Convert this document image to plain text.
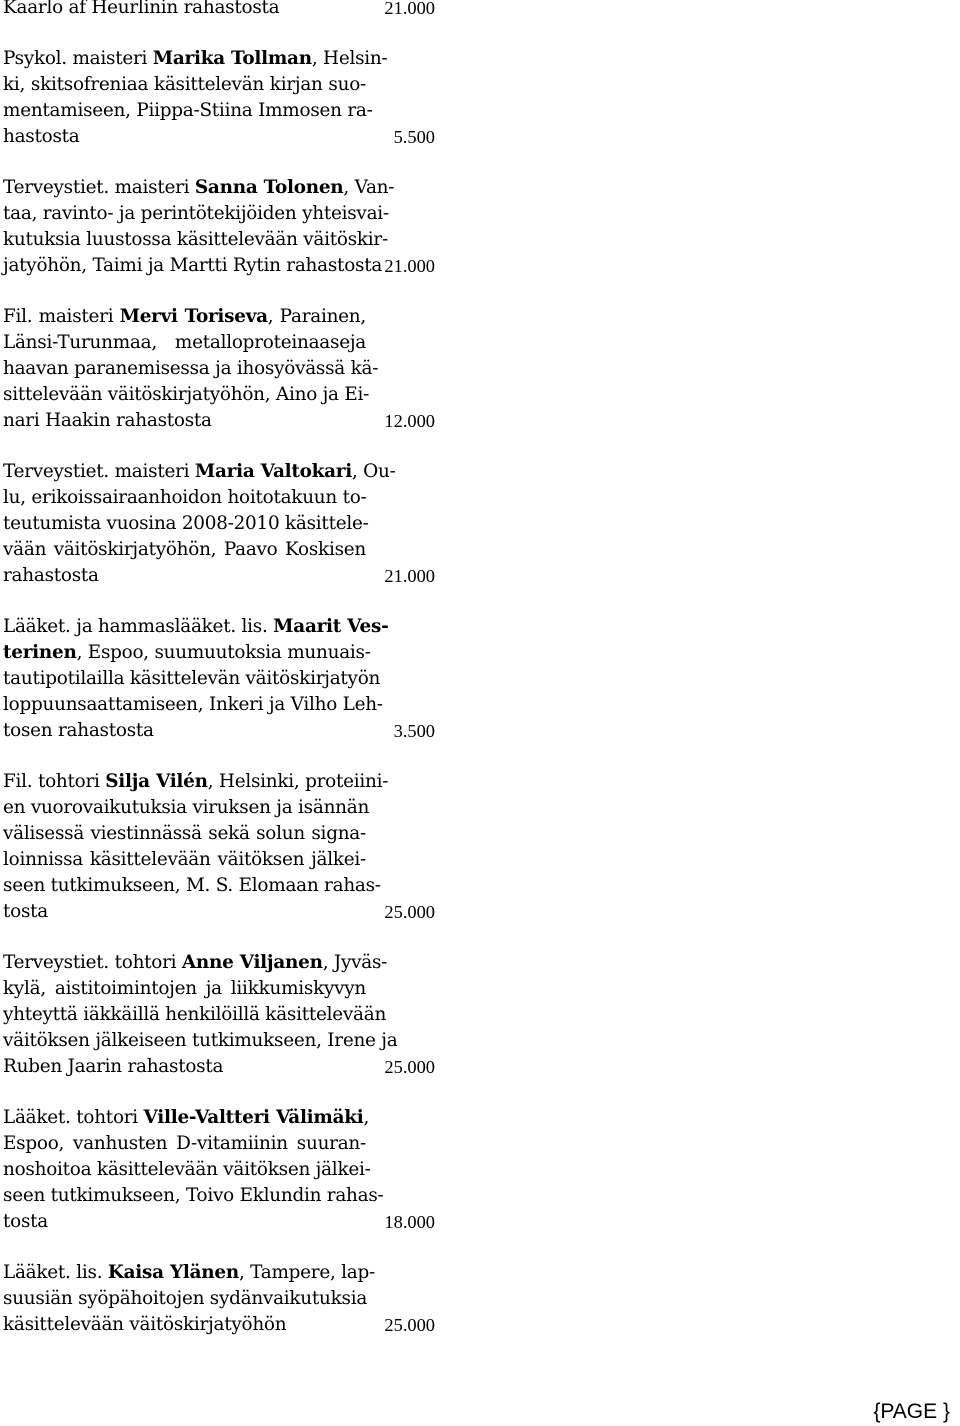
Kaarlo af Heurlinin rahastosta	21.000

Psykol. maisteri Marika Tollman, Helsin-

ki, skitsofreniaa käsittelevän kirjan suo-

mentamiseen, Piippa-Stiina Immosen ra-

hastosta	5.500

Terveystiet. maisteri Sanna Tolonen, Van-

taa, ravinto- ja perintötekijöiden yhteisvai-

kutuksia luustossa käsittelevään väitöskir-

jatyöhön, Taimi ja Martti Rytin rahastosta 21.000

Fil. maisteri Mervi Toriseva, Parainen,

Länsi-Turunmaa, metalloproteinaaseja

haavan paranemisessa ja ihosyövässä kä-

sittelevään väitöskirjatyöhön, Aino ja Ei-

nari Haakin rahastosta	12.000

Terveystiet. maisteri Maria Valtokari, Ou-

lu, erikoissairaanhoidon hoitotakuun to-

teutumista vuosina 2008-2010 käsittele-

vään väitöskirjatyöhön, Paavo Koskisen

rahastosta	21.000

Lääket. ja hammaslääket. lis. Maarit Ves-

terinen, Espoo, suumuutoksia munuais-

tautipotilailla käsittelevän väitöskirjatyön

loppuunsaattamiseen, Inkeri ja Vilho Leh-

tosen rahastosta	3.500

Fil. tohtori Silja Vilén, Helsinki, proteiini-

en vuorovaikutuksia viruksen ja isännän

välisessä viestinnässä sekä solun signa-

loinnissa käsittelevään väitöksen jälkei-

seen tutkimukseen, M. S. Elomaan rahas-

tosta	25.000

Terveystiet. tohtori Anne Viljanen, Jyväs-

kylä, aistitoimintojen ja liikkumiskyvyn

yhteyttä iäkkäillä henkilöillä käsittelevään

väitöksen jälkeiseen tutkimukseen, Irene ja

Ruben Jaarin rahastosta	25.000

Lääket. tohtori Ville-Valtteri Välimäki,

Espoo, vanhusten D-vitamiinin suuran-

noshoitoa käsittelevään väitöksen jälkei-

seen tutkimukseen, Toivo Eklundin rahas-

tosta	18.000

Lääket. lis. Kaisa Ylänen, Tampere, lap-

suusiän syöpähoitojen sydänvaikutuksia

käsittelevään väitöskirjatyöhön	25.000

{PAGE }
